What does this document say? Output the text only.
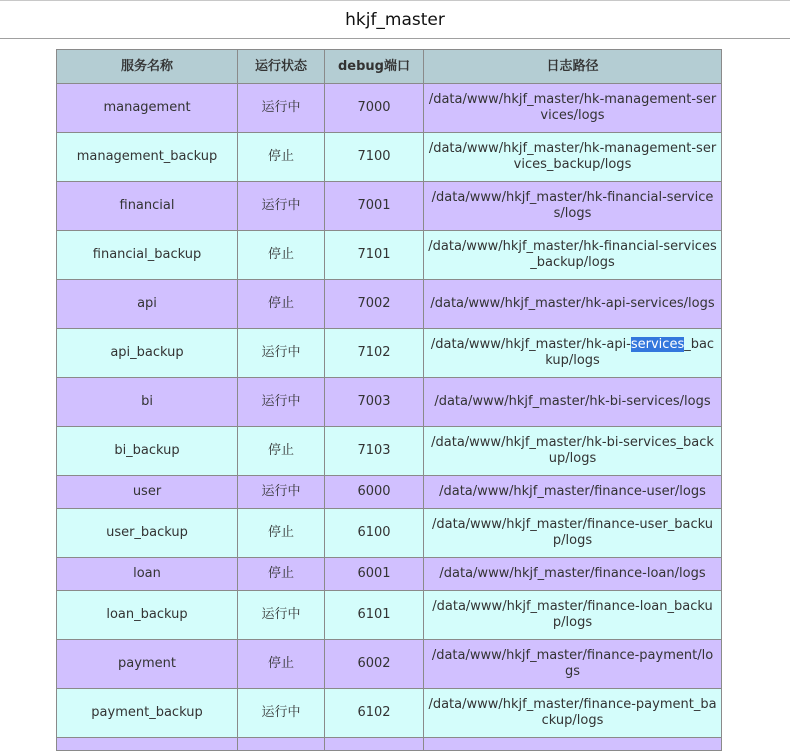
hkjf_master
服务名称	运行状态	debug端口	日志路径
management	运行中	7000	/data/www/hkjf_master/hk-management-services/logs
management_backup	停止	7100	/data/www/hkjf_master/hk-management-services_backup/logs
financial	运行中	7001	/data/www/hkjf_master/hk-financial-services/logs
financial_backup	停止	7101	/data/www/hkjf_master/hk-financial-services_backup/logs
api	停止	7002	/data/www/hkjf_master/hk-api-services/logs
api_backup	运行中	7102	/data/www/hkjf_master/hk-api-services_backup/logs
bi	运行中	7003	/data/www/hkjf_master/hk-bi-services/logs
bi_backup	停止	7103	/data/www/hkjf_master/hk-bi-services_backup/logs
user	运行中	6000	/data/www/hkjf_master/finance-user/logs
user_backup	停止	6100	/data/www/hkjf_master/finance-user_backup/logs
loan	停止	6001	/data/www/hkjf_master/finance-loan/logs
loan_backup	运行中	6101	/data/www/hkjf_master/finance-loan_backup/logs
payment	停止	6002	/data/www/hkjf_master/finance-payment/logs
payment_backup	运行中	6102	/data/www/hkjf_master/finance-payment_backup/logs
